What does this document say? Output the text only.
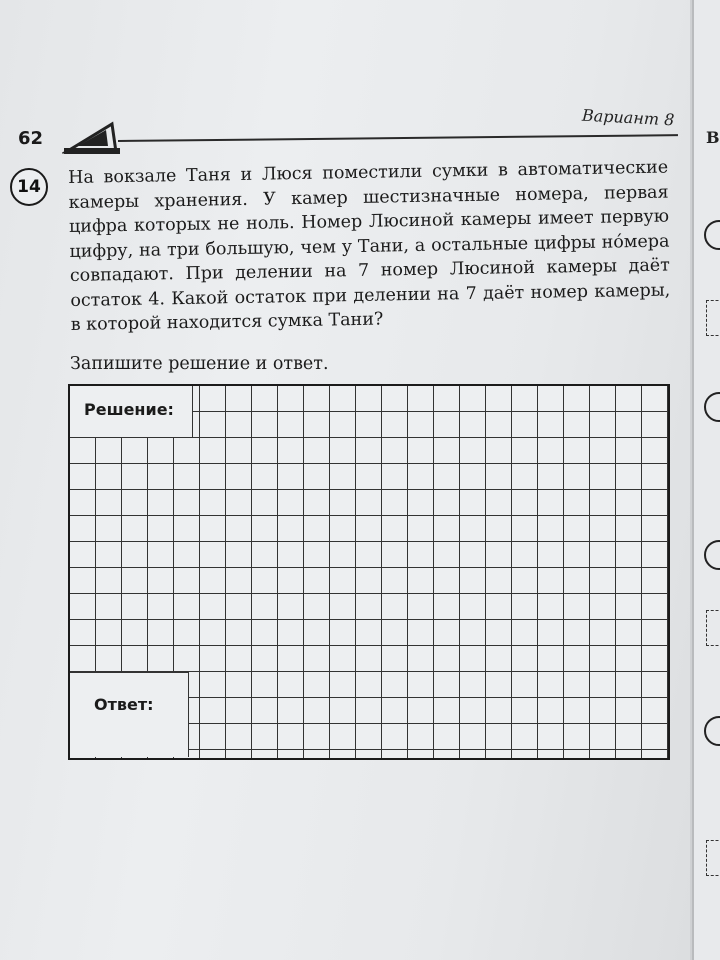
62
Вариант 8
14	На вокзале Таня и Люся поместили сумки в автоматические камеры хранения. У камер шестизначные номера, первая цифра которых не ноль. Номер Люсиной камеры имеет первую цифру, на три большую, чем у Тани, а остальные цифры нóмера совпадают. При делении на 7 номер Люсиной камеры даёт остаток 4. Какой остаток при делении на 7 даёт номер камеры, в которой находится сумка Тани?
Запишите решение и ответ.
Решение:
Ответ:
В
